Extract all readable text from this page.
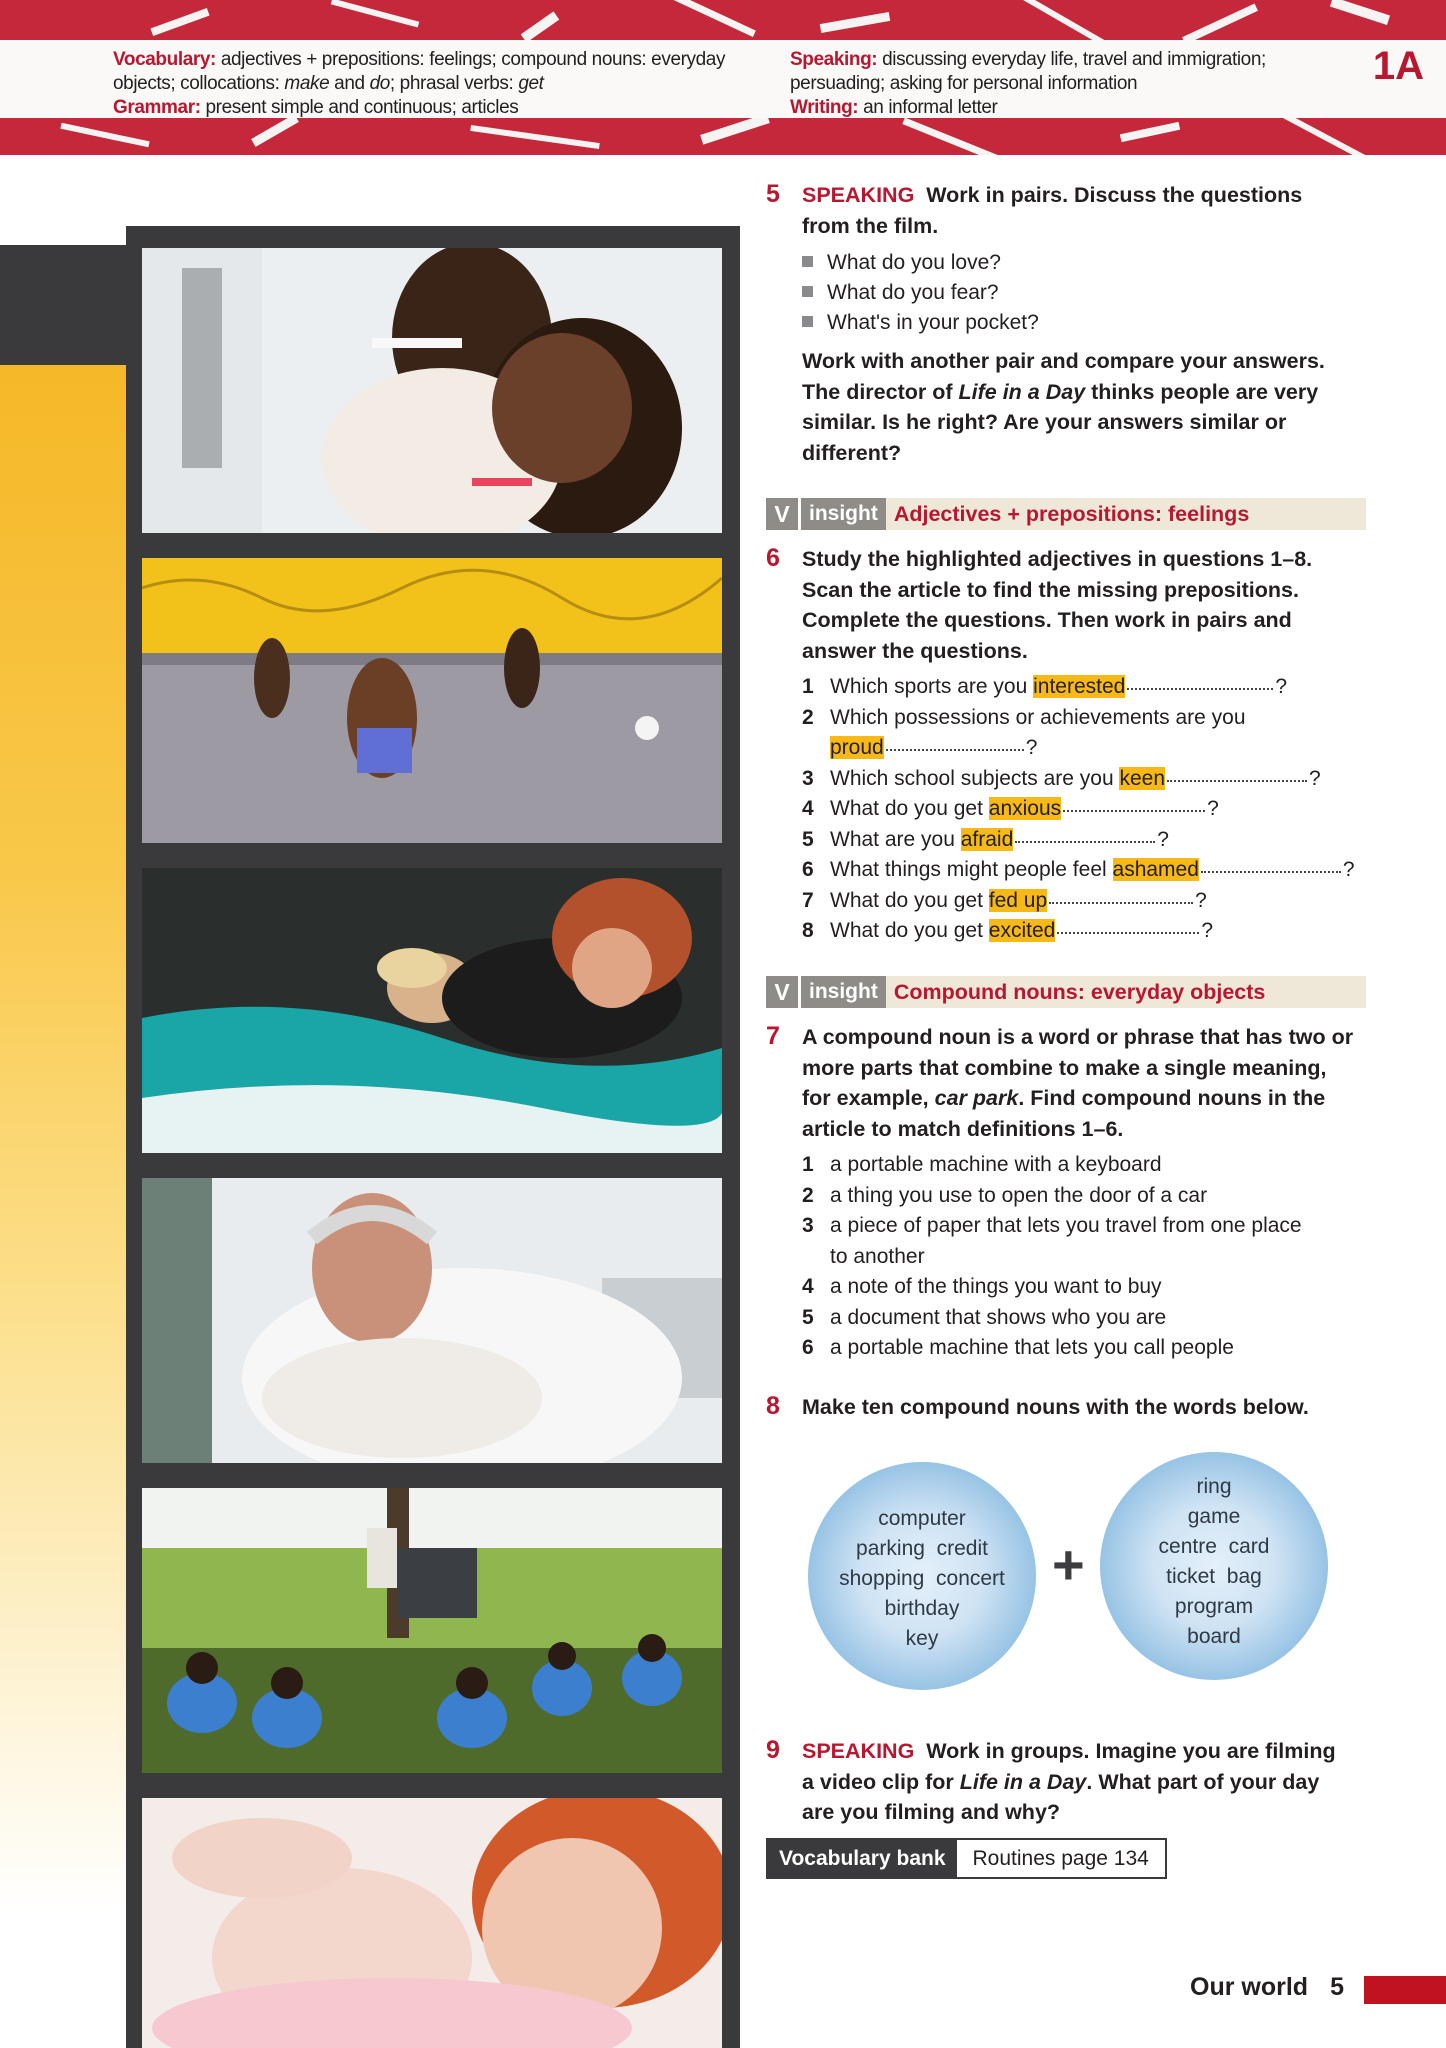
Vocabulary: adjectives + prepositions: feelings; compound nouns: everyday
objects; collocations: make and do; phrasal verbs: get
Grammar: present simple and continuous; articles
Speaking: discussing everyday life, travel and immigration;
persuading; asking for personal information
Writing: an informal letter
1A
5 SPEAKING Work in pairs. Discuss the questions
from the film.
What do you love?
What do you fear?
What's in your pocket?
Work with another pair and compare your answers.
The director of Life in a Day thinks people are very
similar. Is he right? Are your answers similar or
different?
V insight Adjectives + prepositions: feelings
6 Study the highlighted adjectives in questions 1–8.
Scan the article to find the missing prepositions.
Complete the questions. Then work in pairs and
answer the questions.
1 Which sports are you interested	?
2 Which possessions or achievements are you
proud	?
3 Which school subjects are you keen	?
4 What do you get anxious	?
5 What are you afraid	?
6 What things might people feel ashamed	?
7 What do you get fed up	?
8 What do you get excited	?
V insight Compound nouns: everyday objects
7 A compound noun is a word or phrase that has two or
more parts that combine to make a single meaning,
for example, car park. Find compound nouns in the
article to match definitions 1–6.
1 a portable machine with a keyboard
2 a thing you use to open the door of a car
3 a piece of paper that lets you travel from one place
to another
4 a note of the things you want to buy
5 a document that shows who you are
6 a portable machine that lets you call people
8 Make ten compound nouns with the words below.
computer
parking  credit
shopping  concert
birthday
key
+
ring
game
centre  card
ticket  bag
program
board
9 SPEAKING Work in groups. Imagine you are filming
a video clip for Life in a Day. What part of your day
are you filming and why?
Vocabulary bank	Routines page 134
Our world 5
